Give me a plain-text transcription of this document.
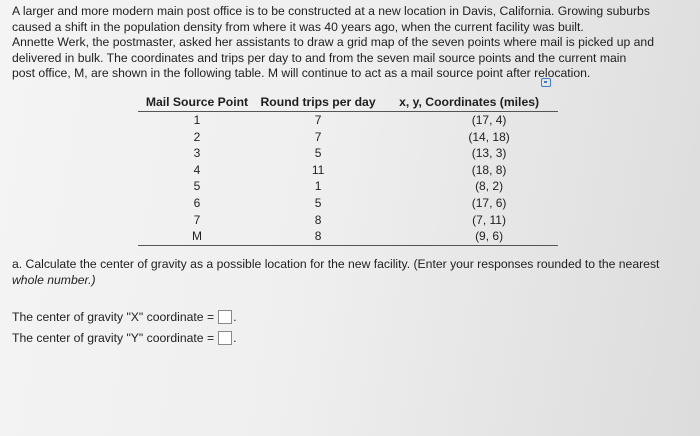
A larger and more modern main post office is to be constructed at a new location in Davis, California. Growing suburbs
caused a shift in the population density from where it was 40 years ago, when the current facility was built.
Annette Werk, the postmaster, asked her assistants to draw a grid map of the seven points where mail is picked up and
delivered in bulk. The coordinates and trips per day to and from the seven mail source points and the current main
post office, M, are shown in the following table. M will continue to act as a mail source point after relocation.
Mail Source Point	Round trips per day	x, y, Coordinates (miles)
1	7	(17, 4)
2	7	(14, 18)
3	5	(13, 3)
4	11	(18, 8)
5	1	(8, 2)
6	5	(17, 6)
7	8	(7, 11)
M	8	(9, 6)
a. Calculate the center of gravity as a possible location for the new facility. (Enter your responses rounded to the nearest
whole number.)
The center of gravity "X" coordinate = .
The center of gravity "Y" coordinate = .
